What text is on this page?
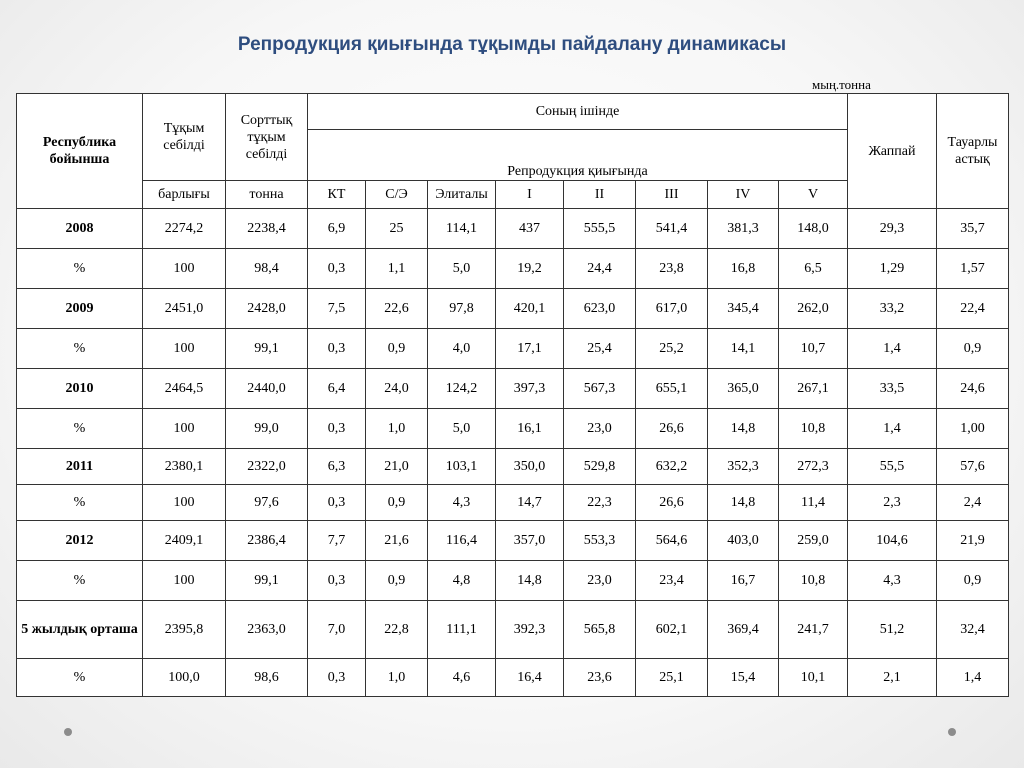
Репродукция қиығында тұқымды пайдалану динамикасы
мың.тонна
Республика бойынша	Тұқым себілді	Сорттық тұқым себілді	Соның ішінде								Жаппай	Тауарлы астық
			Репродукция қиығында									
	барлығы	тонна	КТ	С/Э	Элиталы	I	II	III	IV	V		
2008	2274,2	2238,4	6,9	25	114,1	437	555,5	541,4	381,3	148,0	29,3	35,7
%	100	98,4	0,3	1,1	5,0	19,2	24,4	23,8	16,8	6,5	1,29	1,57
2009	2451,0	2428,0	7,5	22,6	97,8	420,1	623,0	617,0	345,4	262,0	33,2	22,4
%	100	99,1	0,3	0,9	4,0	17,1	25,4	25,2	14,1	10,7	1,4	0,9
2010	2464,5	2440,0	6,4	24,0	124,2	397,3	567,3	655,1	365,0	267,1	33,5	24,6
%	100	99,0	0,3	1,0	5,0	16,1	23,0	26,6	14,8	10,8	1,4	1,00
2011	2380,1	2322,0	6,3	21,0	103,1	350,0	529,8	632,2	352,3	272,3	55,5	57,6
%	100	97,6	0,3	0,9	4,3	14,7	22,3	26,6	14,8	11,4	2,3	2,4
2012	2409,1	2386,4	7,7	21,6	116,4	357,0	553,3	564,6	403,0	259,0	104,6	21,9
%	100	99,1	0,3	0,9	4,8	14,8	23,0	23,4	16,7	10,8	4,3	0,9
5 жылдық орташа	2395,8	2363,0	7,0	22,8	111,1	392,3	565,8	602,1	369,4	241,7	51,2	32,4
%	100,0	98,6	0,3	1,0	4,6	16,4	23,6	25,1	15,4	10,1	2,1	1,4
